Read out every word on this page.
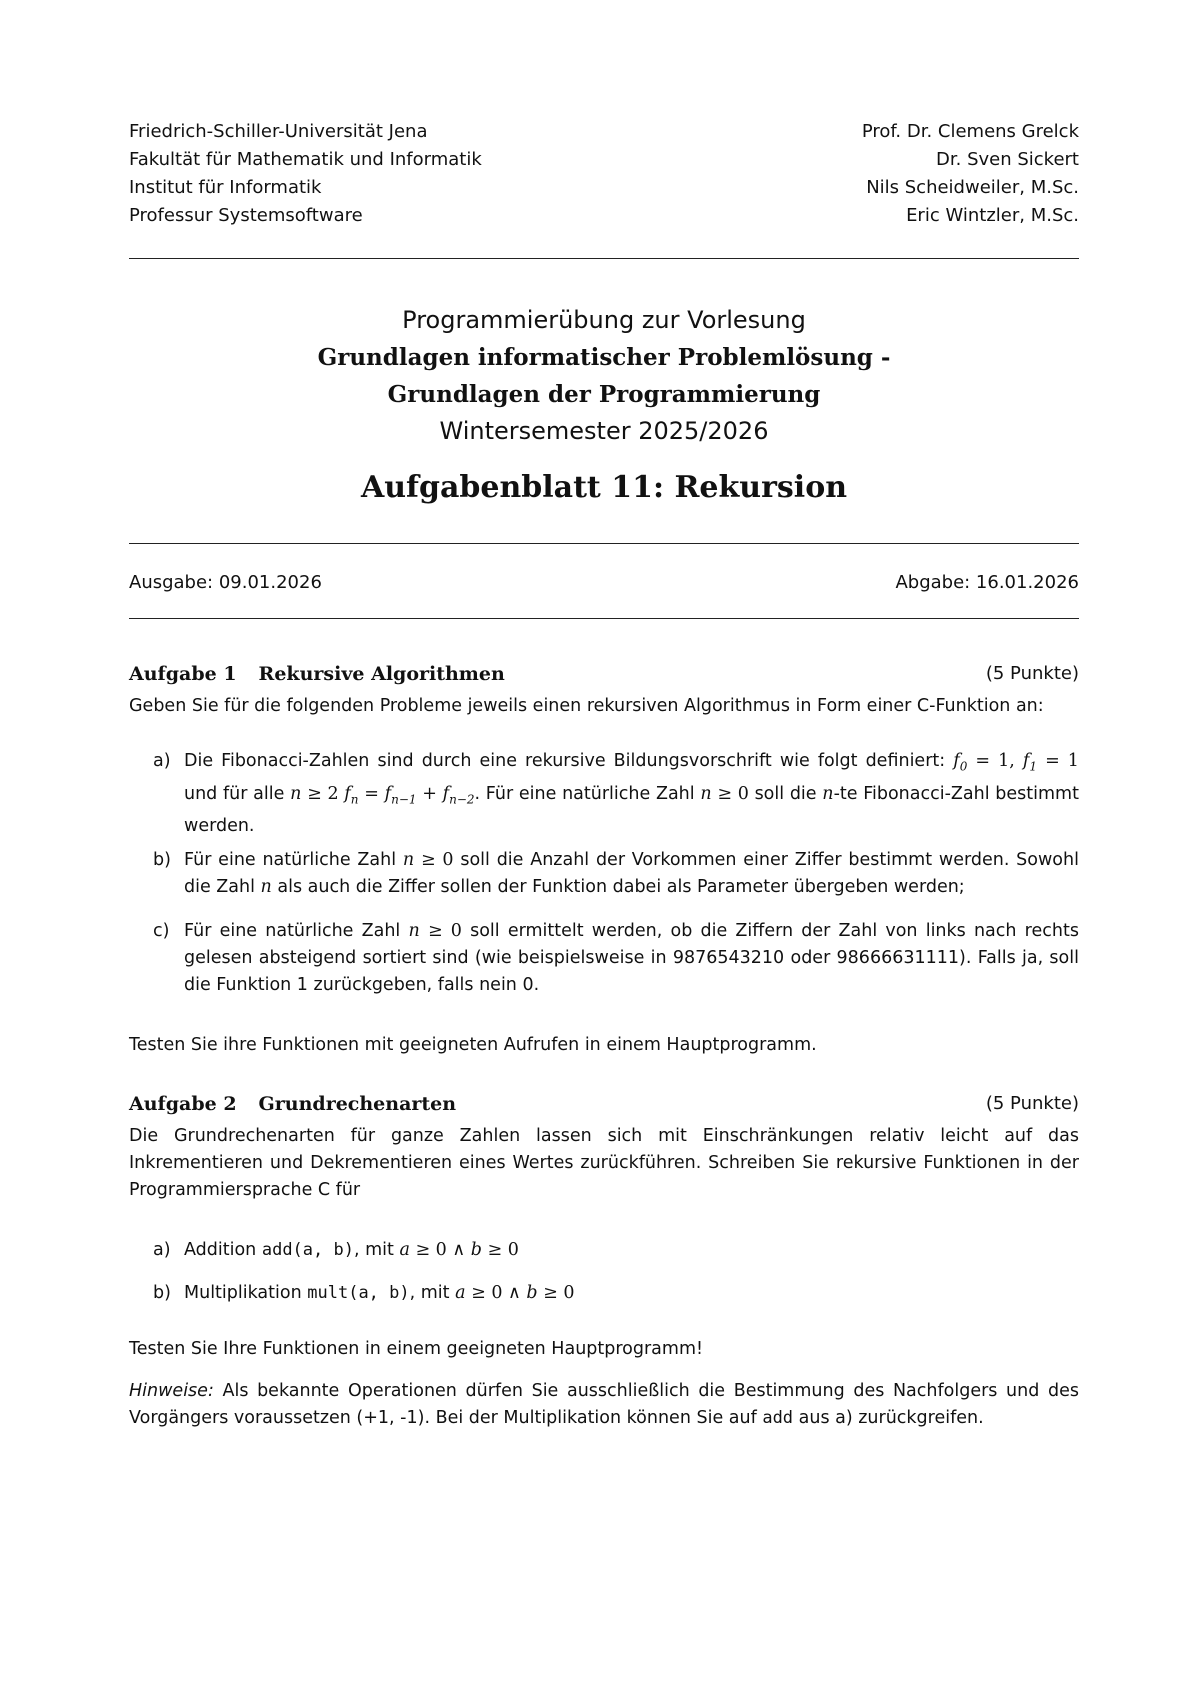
Friedrich-Schiller-Universität Jena
Fakultät für Mathematik und Informatik
Institut für Informatik
Professur Systemsoftware
Prof. Dr. Clemens Grelck
Dr. Sven Sickert
Nils Scheidweiler, M.Sc.
Eric Wintzler, M.Sc.
Programmierübung zur Vorlesung
Grundlagen informatischer Problemlösung -
Grundlagen der Programmierung
Wintersemester 2025/2026
Aufgabenblatt 11: Rekursion
Ausgabe: 09.01.2026	Abgabe: 16.01.2026
Aufgabe 1 Rekursive Algorithmen	(5 Punkte)
Geben Sie für die folgenden Probleme jeweils einen rekursiven Algorithmus in Form einer C-Funktion an:
a) Die Fibonacci-Zahlen sind durch eine rekursive Bildungsvorschrift wie folgt definiert: $f_0 = 1$, $f_1 = 1$ und für alle n ≥ 2 $f_n = f_{n-1} + f_{n-2}$. Für eine natürliche Zahl n ≥ 0 soll die n-te Fibonacci-Zahl bestimmt werden.
b) Für eine natürliche Zahl n ≥ 0 soll die Anzahl der Vorkommen einer Ziffer bestimmt werden. Sowohl die Zahl n als auch die Ziffer sollen der Funktion dabei als Parameter übergeben werden;
c) Für eine natürliche Zahl n ≥ 0 soll ermittelt werden, ob die Ziffern der Zahl von links nach rechts gelesen absteigend sortiert sind (wie beispielsweise in 9876543210 oder 98666631111). Falls ja, soll die Funktion 1 zurückgeben, falls nein 0.
Testen Sie ihre Funktionen mit geeigneten Aufrufen in einem Hauptprogramm.
Aufgabe 2 Grundrechenarten	(5 Punkte)
Die Grundrechenarten für ganze Zahlen lassen sich mit Einschränkungen relativ leicht auf das Inkrementieren und Dekrementieren eines Wertes zurückführen. Schreiben Sie rekursive Funktionen in der Programmiersprache C für
a) Addition add(a, b), mit a ≥ 0 ∧ b ≥ 0
b) Multiplikation mult(a, b), mit a ≥ 0 ∧ b ≥ 0
Testen Sie Ihre Funktionen in einem geeigneten Hauptprogramm!
Hinweise: Als bekannte Operationen dürfen Sie ausschließlich die Bestimmung des Nachfolgers und des Vorgängers voraussetzen (+1, -1). Bei der Multiplikation können Sie auf add aus a) zurückgreifen.
